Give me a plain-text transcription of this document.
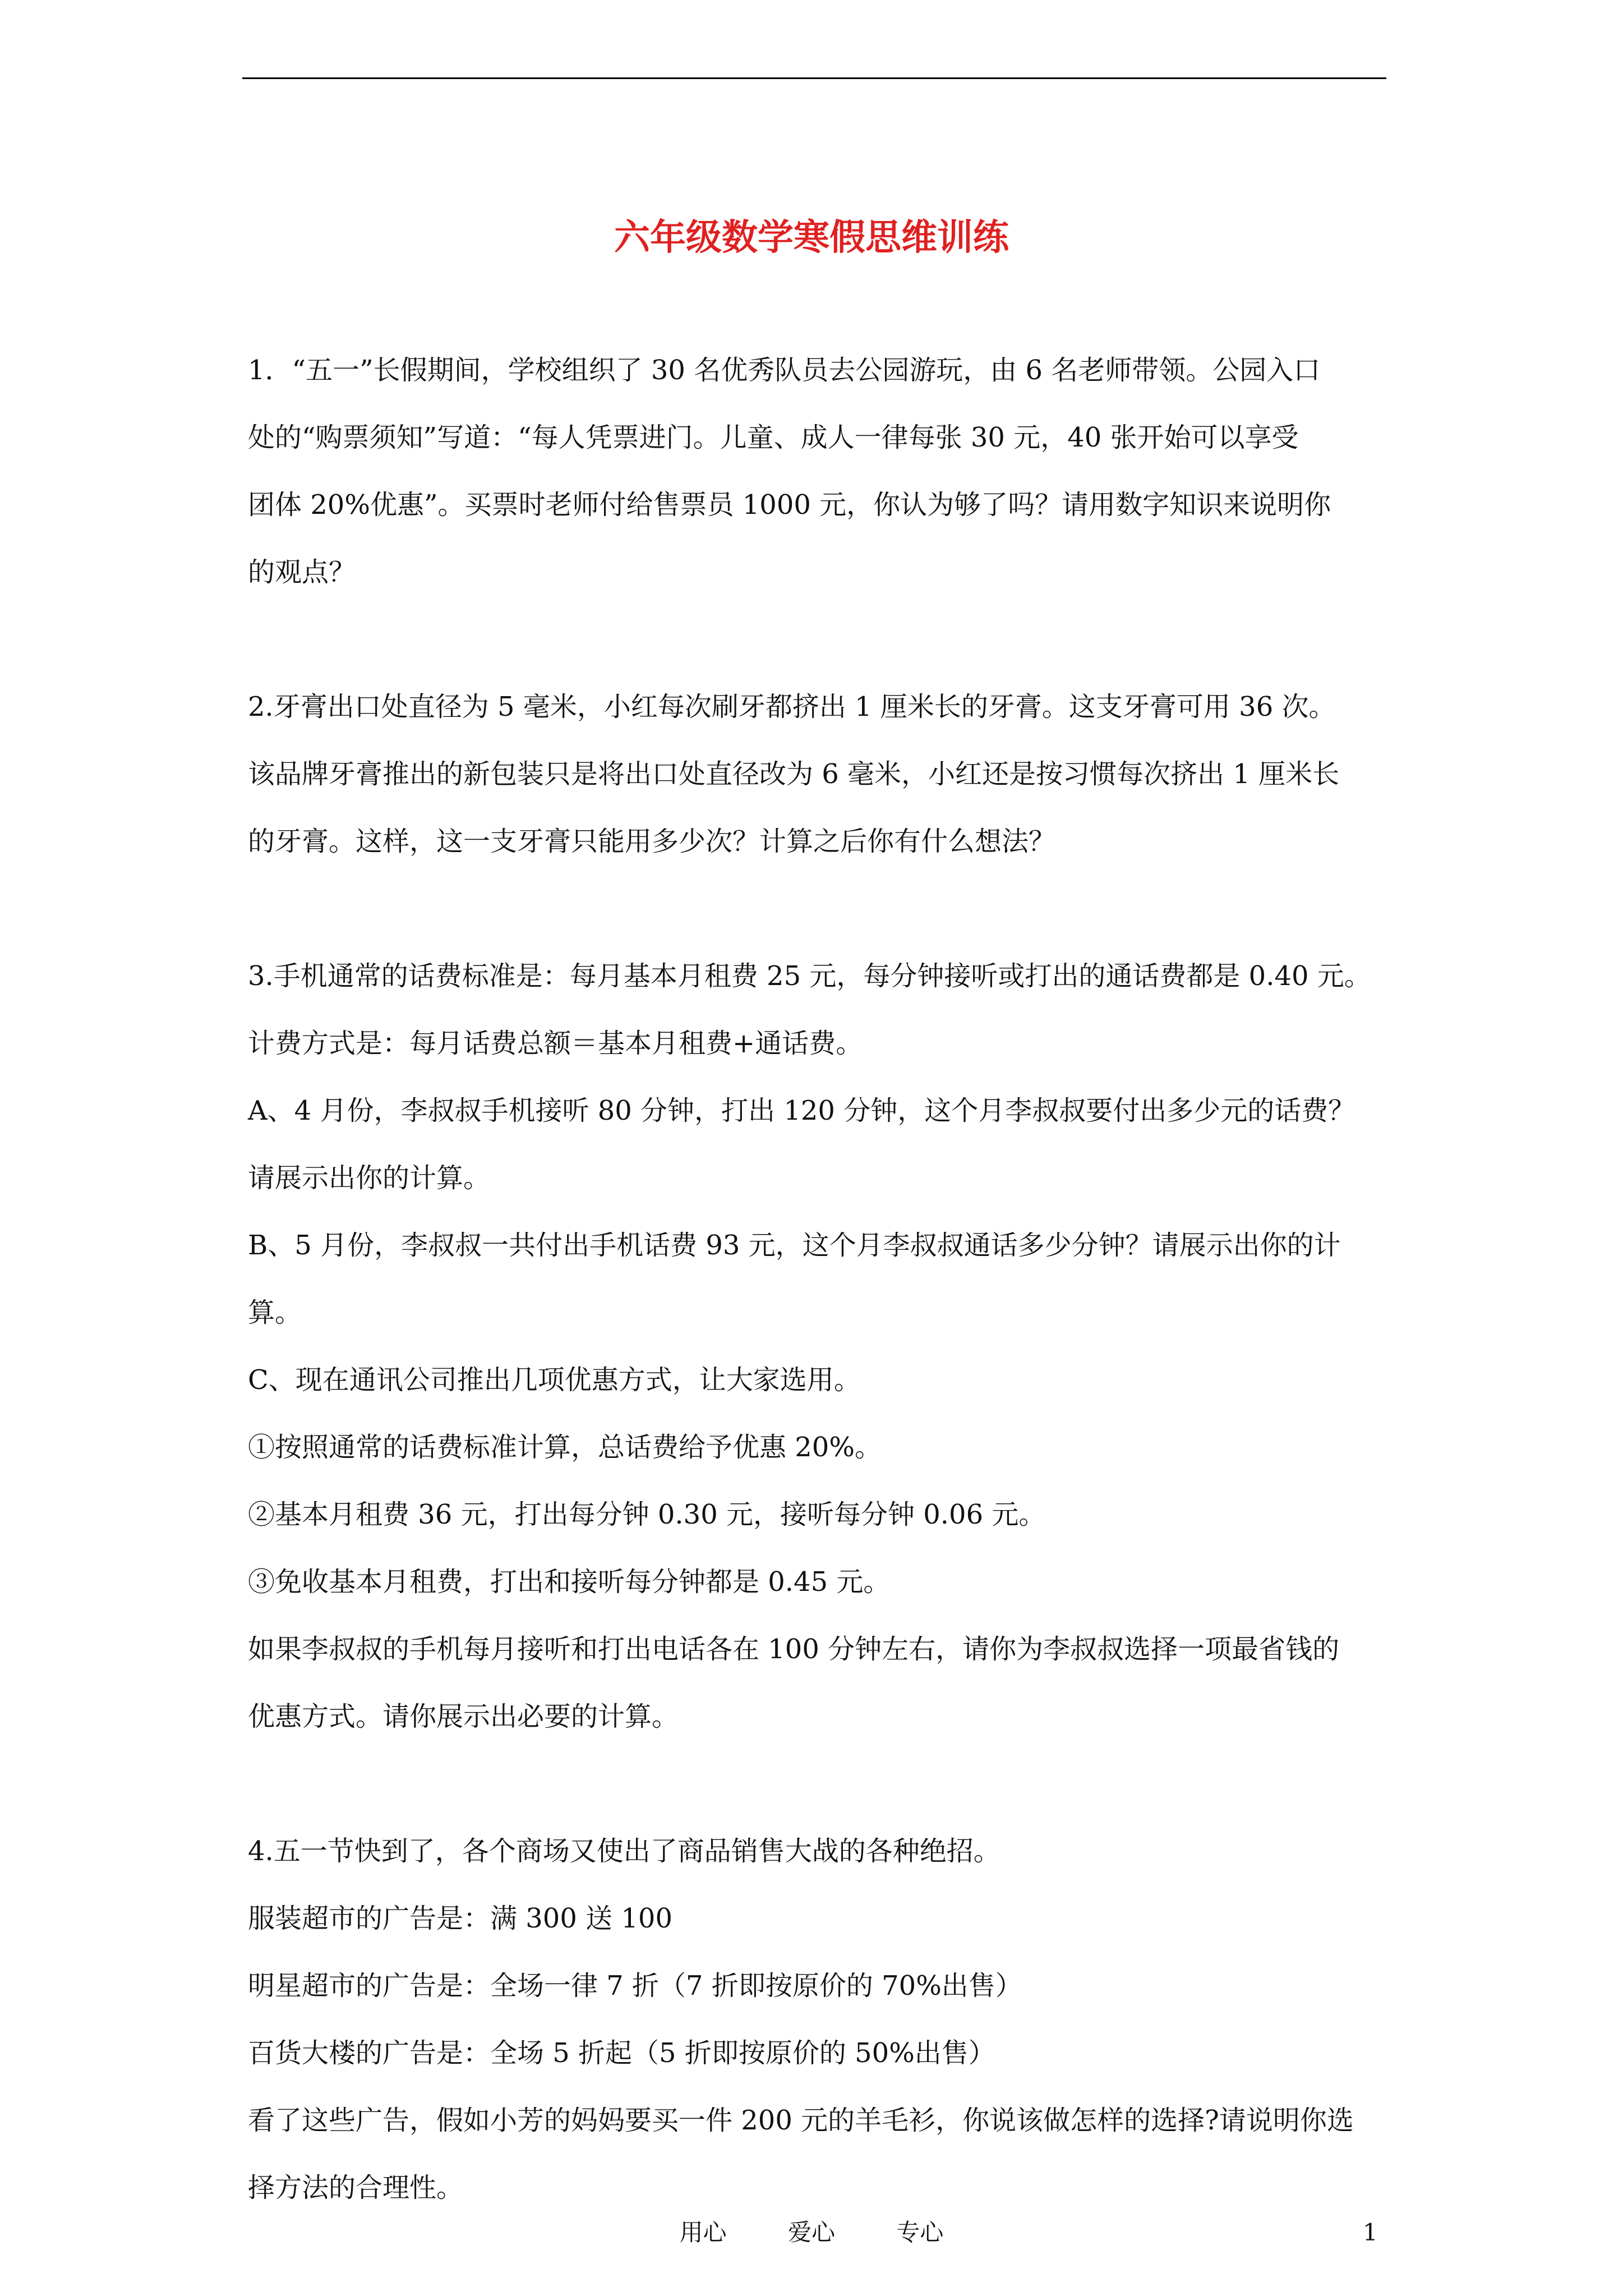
六年级数学寒假思维训练

1．“五一”长假期间，学校组织了 30 名优秀队员去公园游玩，由 6 名老师带领。公园入口

处的“购票须知”写道：“每人凭票进门。儿童、成人一律每张 30 元，40 张开始可以享受

团体 20%优惠”。买票时老师付给售票员 1000 元，你认为够了吗？请用数字知识来说明你

的观点？

2.牙膏出口处直径为 5 毫米，小红每次刷牙都挤出 1 厘米长的牙膏。这支牙膏可用 36 次。

该品牌牙膏推出的新包装只是将出口处直径改为 6 毫米，小红还是按习惯每次挤出 1 厘米长

的牙膏。这样，这一支牙膏只能用多少次？计算之后你有什么想法？

3.手机通常的话费标准是：每月基本月租费 25 元，每分钟接听或打出的通话费都是 0.40 元。

计费方式是：每月话费总额＝基本月租费+通话费。

A、4 月份，李叔叔手机接听 80 分钟，打出 120 分钟，这个月李叔叔要付出多少元的话费？

请展示出你的计算。

B、5 月份，李叔叔一共付出手机话费 93 元，这个月李叔叔通话多少分钟？请展示出你的计

算。

C、现在通讯公司推出几项优惠方式，让大家选用。

①按照通常的话费标准计算，总话费给予优惠 20%。

②基本月租费 36 元，打出每分钟 0.30 元，接听每分钟 0.06 元。

③免收基本月租费，打出和接听每分钟都是 0.45 元。

如果李叔叔的手机每月接听和打出电话各在 100 分钟左右，请你为李叔叔选择一项最省钱的

优惠方式。请你展示出必要的计算。

4.五一节快到了，各个商场又使出了商品销售大战的各种绝招。

服装超市的广告是：满 300 送 100

明星超市的广告是：全场一律 7 折（7 折即按原价的 70%出售）

百货大楼的广告是：全场 5 折起（5 折即按原价的 50%出售）

看了这些广告，假如小芳的妈妈要买一件 200 元的羊毛衫，你说该做怎样的选择?请说明你选

择方法的合理性。

用心	爱心	专心	1
